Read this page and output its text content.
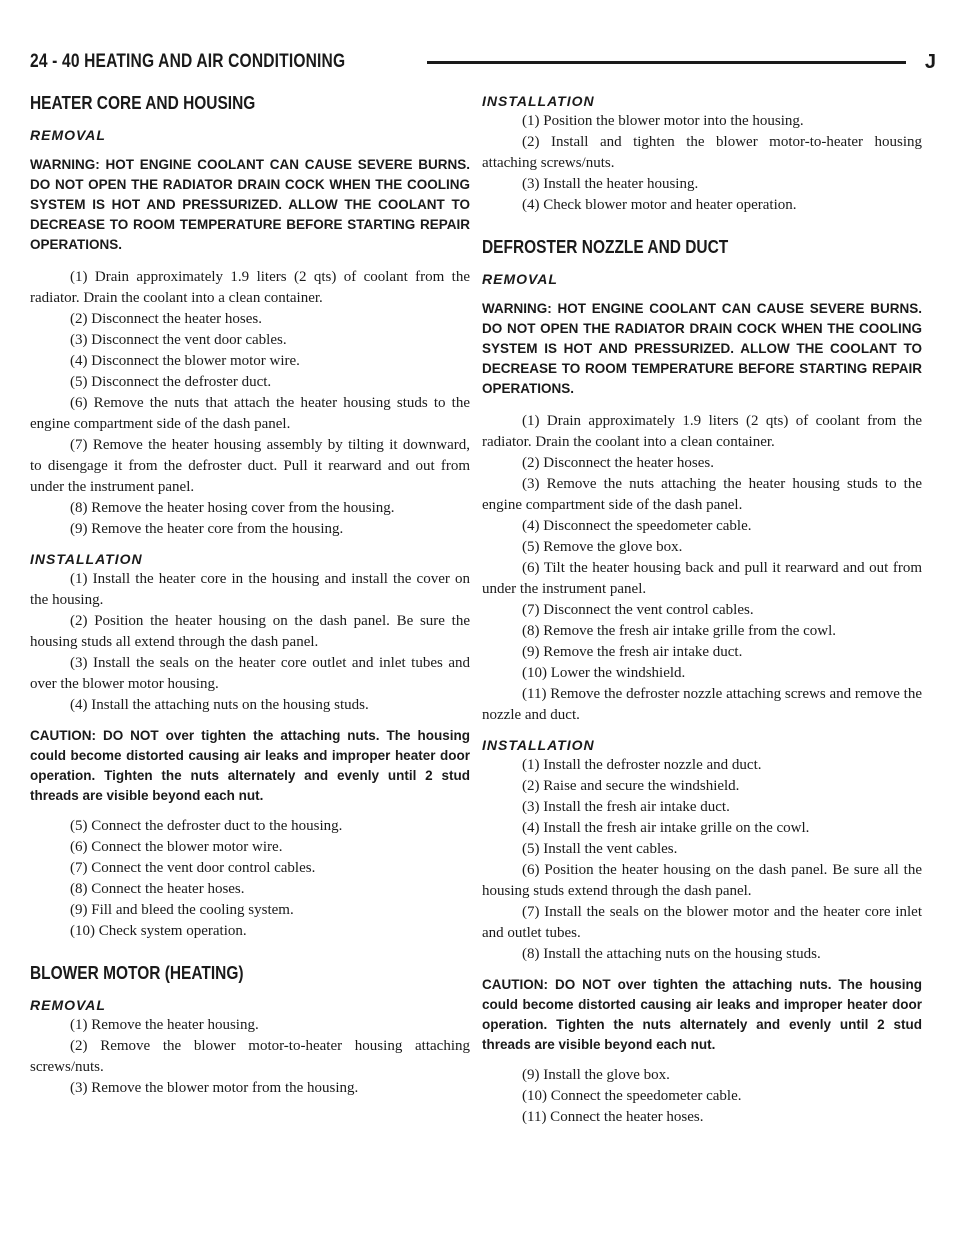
24 - 40 HEATING AND AIR CONDITIONING	J
HEATER CORE AND HOUSING
REMOVAL
WARNING: HOT ENGINE COOLANT CAN CAUSE SEVERE BURNS. DO NOT OPEN THE RADIATOR DRAIN COCK WHEN THE COOLING SYSTEM IS HOT AND PRESSURIZED. ALLOW THE COOLANT TO DECREASE TO ROOM TEMPERATURE BEFORE STARTING REPAIR OPERATIONS.

(1) Drain approximately 1.9 liters (2 qts) of coolant from the radiator. Drain the coolant into a clean container.

(2) Disconnect the heater hoses.

(3) Disconnect the vent door cables.

(4) Disconnect the blower motor wire.

(5) Disconnect the defroster duct.

(6) Remove the nuts that attach the heater housing studs to the engine compartment side of the dash panel.

(7) Remove the heater housing assembly by tilting it downward, to disengage it from the defroster duct. Pull it rearward and out from under the instrument panel.

(8) Remove the heater hosing cover from the housing.

(9) Remove the heater core from the housing.

INSTALLATION

(1) Install the heater core in the housing and install the cover on the housing.

(2) Position the heater housing on the dash panel. Be sure the housing studs all extend through the dash panel.

(3) Install the seals on the heater core outlet and inlet tubes and over the blower motor housing.

(4) Install the attaching nuts on the housing studs.

CAUTION: DO NOT over tighten the attaching nuts. The housing could become distorted causing air leaks and improper heater door operation. Tighten the nuts alternately and evenly until 2 stud threads are visible beyond each nut.

(5) Connect the defroster duct to the housing.

(6) Connect the blower motor wire.

(7) Connect the vent door control cables.

(8) Connect the heater hoses.

(9) Fill and bleed the cooling system.

(10) Check system operation.

BLOWER MOTOR (HEATING)
REMOVAL

(1) Remove the heater housing.

(2) Remove the blower motor-to-heater housing attaching screws/nuts.

(3) Remove the blower motor from the housing.

INSTALLATION

(1) Position the blower motor into the housing.

(2) Install and tighten the blower motor-to-heater housing attaching screws/nuts.

(3) Install the heater housing.

(4) Check blower motor and heater operation.

DEFROSTER NOZZLE AND DUCT
REMOVAL
WARNING: HOT ENGINE COOLANT CAN CAUSE SEVERE BURNS. DO NOT OPEN THE RADIATOR DRAIN COCK WHEN THE COOLING SYSTEM IS HOT AND PRESSURIZED. ALLOW THE COOLANT TO DECREASE TO ROOM TEMPERATURE BEFORE STARTING REPAIR OPERATIONS.

(1) Drain approximately 1.9 liters (2 qts) of coolant from the radiator. Drain the coolant into a clean container.

(2) Disconnect the heater hoses.

(3) Remove the nuts attaching the heater housing studs to the engine compartment side of the dash panel.

(4) Disconnect the speedometer cable.

(5) Remove the glove box.

(6) Tilt the heater housing back and pull it rearward and out from under the instrument panel.

(7) Disconnect the vent control cables.

(8) Remove the fresh air intake grille from the cowl.

(9) Remove the fresh air intake duct.

(10) Lower the windshield.

(11) Remove the defroster nozzle attaching screws and remove the nozzle and duct.

INSTALLATION

(1) Install the defroster nozzle and duct.

(2) Raise and secure the windshield.

(3) Install the fresh air intake duct.

(4) Install the fresh air intake grille on the cowl.

(5) Install the vent cables.

(6) Position the heater housing on the dash panel. Be sure all the housing studs extend through the dash panel.

(7) Install the seals on the blower motor and the heater core inlet and outlet tubes.

(8) Install the attaching nuts on the housing studs.

CAUTION: DO NOT over tighten the attaching nuts. The housing could become distorted causing air leaks and improper heater door operation. Tighten the nuts alternately and evenly until 2 stud threads are visible beyond each nut.

(9) Install the glove box.

(10) Connect the speedometer cable.

(11) Connect the heater hoses.
